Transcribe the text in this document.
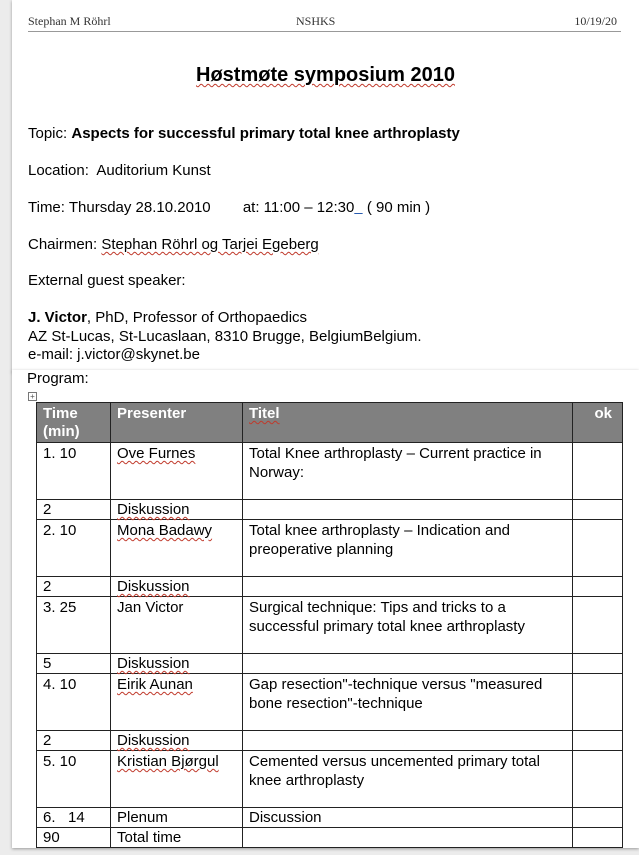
Stephan M Röhrl	NSHKS	10/19/20
Høstmøte symposium 2010
Topic: Aspects for successful primary total knee arthroplasty
Location: Auditorium Kunst
Time: Thursday 28.10.2010 at: 11:00 – 12:30 ( 90 min )
Chairmen: Stephan Röhrl og Tarjei Egeberg
External guest speaker:
J. Victor, PhD, Professor of Orthopaedics
AZ St-Lucas, St-Lucaslaan, 8310 Brugge, BelgiumBelgium.
e-mail: j.victor@skynet.be
Program:
+
Time (min)	Presenter	Titel	ok
1. 10	Ove Furnes	Total Knee arthroplasty – Current practice in Norway:	
2	Diskussion		
2. 10	Mona Badawy	Total knee arthroplasty – Indication and preoperative planning	
2	Diskussion		
3. 25	Jan Victor	Surgical technique: Tips and tricks to a successful primary total knee arthroplasty	
5	Diskussion		
4. 10	Eirik Aunan	Gap resection"-technique versus "measured bone resection"-technique	
2	Diskussion		
5. 10	Kristian Bjørgul	Cemented versus uncemented primary total knee arthroplasty	
6.   14	Plenum	Discussion	
90	Total time		
